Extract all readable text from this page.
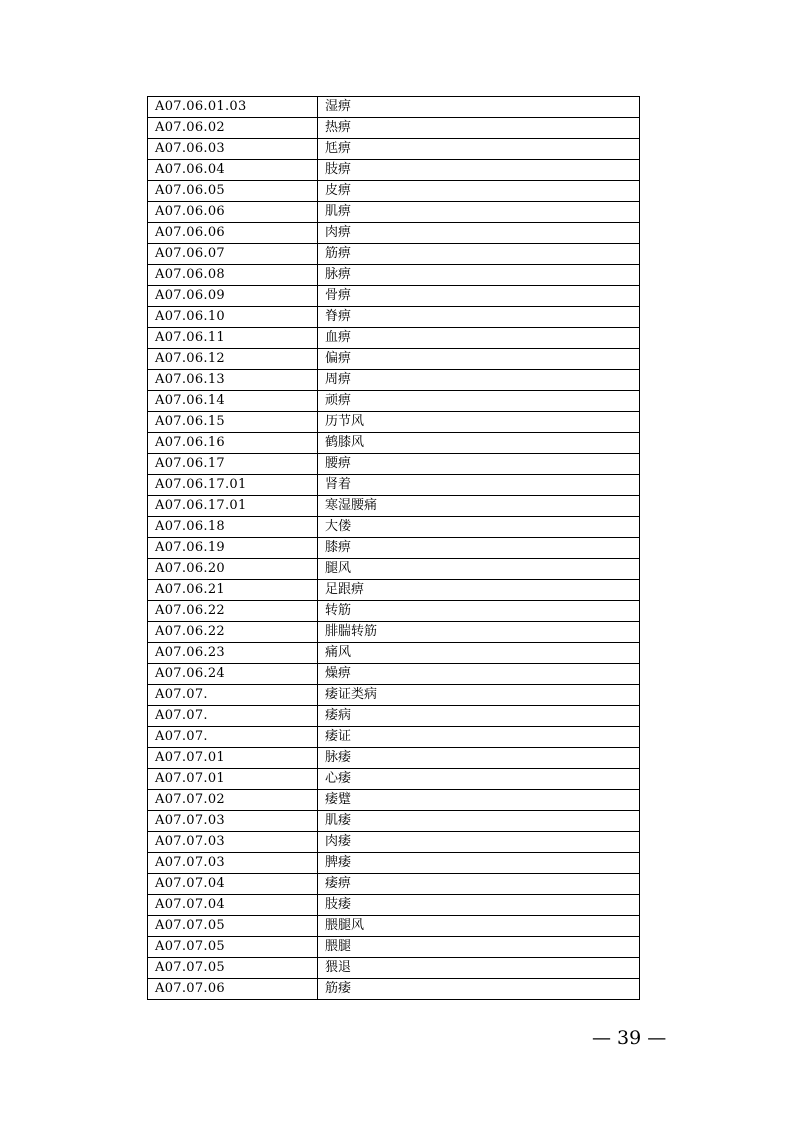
A07.06.01.03	湿痹
A07.06.02	热痹
A07.06.03	尪痹
A07.06.04	肢痹
A07.06.05	皮痹
A07.06.06	肌痹
A07.06.06	肉痹
A07.06.07	筋痹
A07.06.08	脉痹
A07.06.09	骨痹
A07.06.10	脊痹
A07.06.11	血痹
A07.06.12	偏痹
A07.06.13	周痹
A07.06.14	顽痹
A07.06.15	历节风
A07.06.16	鹤膝风
A07.06.17	腰痹
A07.06.17.01	肾着
A07.06.17.01	寒湿腰痛
A07.06.18	大偻
A07.06.19	膝痹
A07.06.20	腿风
A07.06.21	足跟痹
A07.06.22	转筋
A07.06.22	腓腨转筋
A07.06.23	痛风
A07.06.24	燥痹
A07.07.	痿证类病
A07.07.	痿病
A07.07.	痿证
A07.07.01	脉痿
A07.07.01	心痿
A07.07.02	痿躄
A07.07.03	肌痿
A07.07.03	肉痿
A07.07.03	脾痿
A07.07.04	痿痹
A07.07.04	肢痿
A07.07.05	腲腿风
A07.07.05	腲腿
A07.07.05	猥退
A07.07.06	筋痿
— 39 —
